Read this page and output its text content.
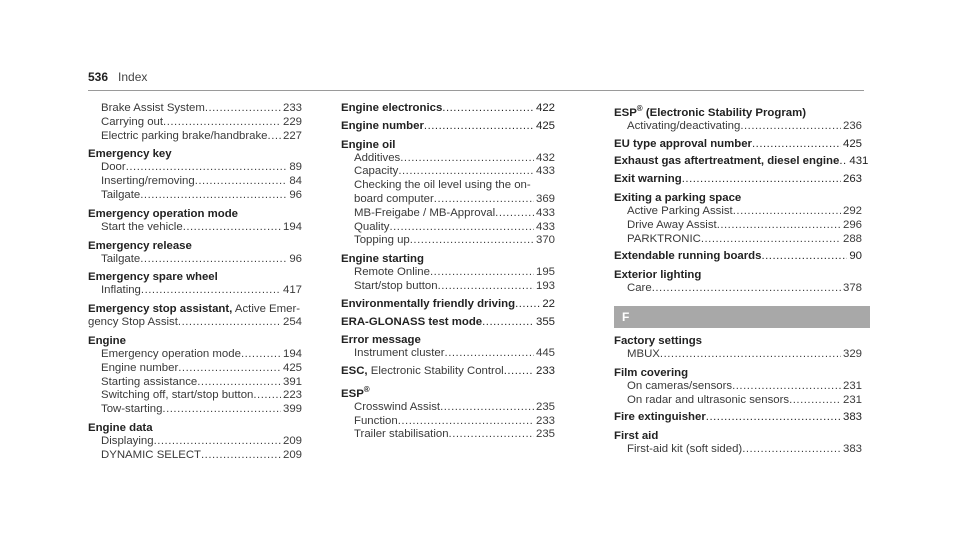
536 Index
Brake Assist System .....	233
Carrying out .....	229
Electric parking brake/handbrake ..... 227
Emergency key
Door .....	89
Inserting/removing .....	84
Tailgate .....	96
Emergency operation mode
Start the vehicle .....	194
Emergency release
Tailgate .....	96
Emergency spare wheel
Inflating .....	417
Emergency stop assistant, Active Emer-
gency Stop Assist .....	254
Engine
Emergency operation mode .....	194
Engine number .....	425
Starting assistance .....	391
Switching off, start/stop button .....	223
Tow-starting .....	399
Engine data
Displaying .....	209
DYNAMIC SELECT .....	209
Engine electronics .....	422
Engine number .....	425
Engine oil
Additives .....	432
Capacity .....	433
Checking the oil level using the on-
board computer .....	369
MB-Freigabe / MB-Approval .....	433
Quality .....	433
Topping up .....	370
Engine starting
Remote Online .....	195
Start/stop button .....	193
Environmentally friendly driving ..... 22
ERA-GLONASS test mode .....	355
Error message
Instrument cluster .....	445
ESC, Electronic Stability Control .....	233
ESP®
Crosswind Assist .....	235
Function .....	233
Trailer stabilisation .....	235
ESP® (Electronic Stability Program)
Activating/deactivating .....	236
EU type approval number .....	425
Exhaust gas aftertreatment, diesel engine ..... 431
Exit warning .....	263
Exiting a parking space
Active Parking Assist .....	292
Drive Away Assist .....	296
PARKTRONIC .....	288
Extendable running boards .....	90
Exterior lighting
Care .....	378
F
Factory settings
MBUX .....	329
Film covering
On cameras/sensors .....	231
On radar and ultrasonic sensors .....	231
Fire extinguisher .....	383
First aid
First-aid kit (soft sided) .....	383
